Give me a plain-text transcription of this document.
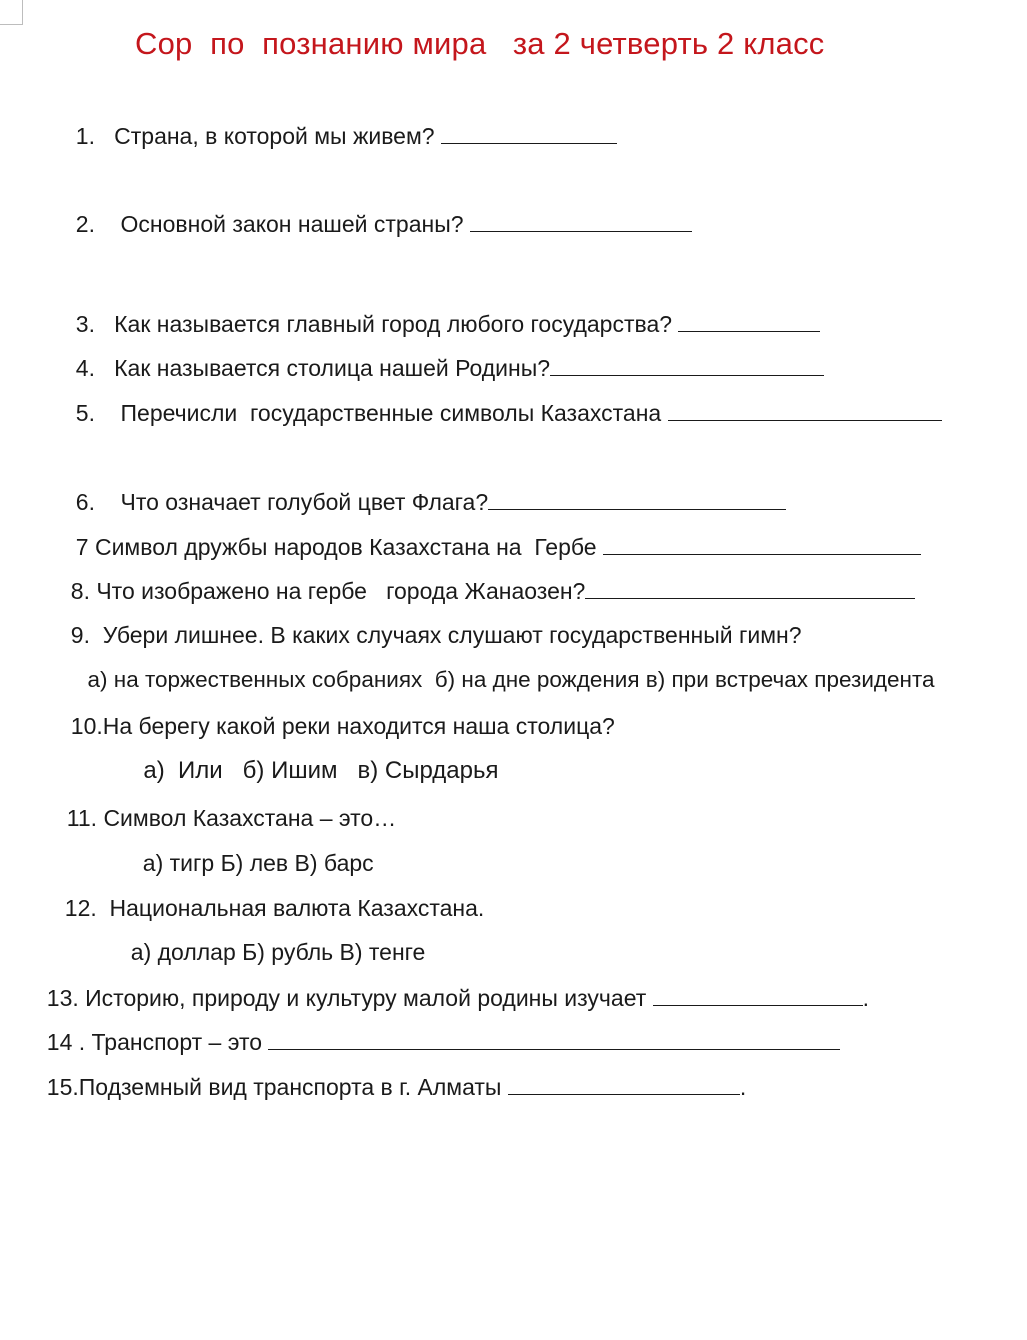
Сор  по  познанию мира   за 2 четверть 2 класс

1.   Страна, в которой мы живем?

2.    Основной закон нашей страны?

3.   Как называется главный город любого государства?

4.   Как называется столица нашей Родины?

5.    Перечисли  государственные символы Казахстана

6.    Что означает голубой цвет Флага?

7 Символ дружбы народов Казахстана на  Гербе

8. Что изображено на гербе   города Жанаозен?

9.  Убери лишнее. В каких случаях слушают государственный гимн?

а) на торжественных собраниях  б) на дне рождения в) при встречах президента

10.На берегу какой реки находится наша столица?

а)  Или   б) Ишим   в) Сырдарья

11. Символ Казахстана – это…

а) тигр Б) лев В) барс

12.  Национальная валюта Казахстана.

а) доллар Б) рубль В) тенге

13. Историю, природу и культуру малой родины изучает	.

14 . Транспорт – это

15.Подземный вид транспорта в г. Алматы	.
